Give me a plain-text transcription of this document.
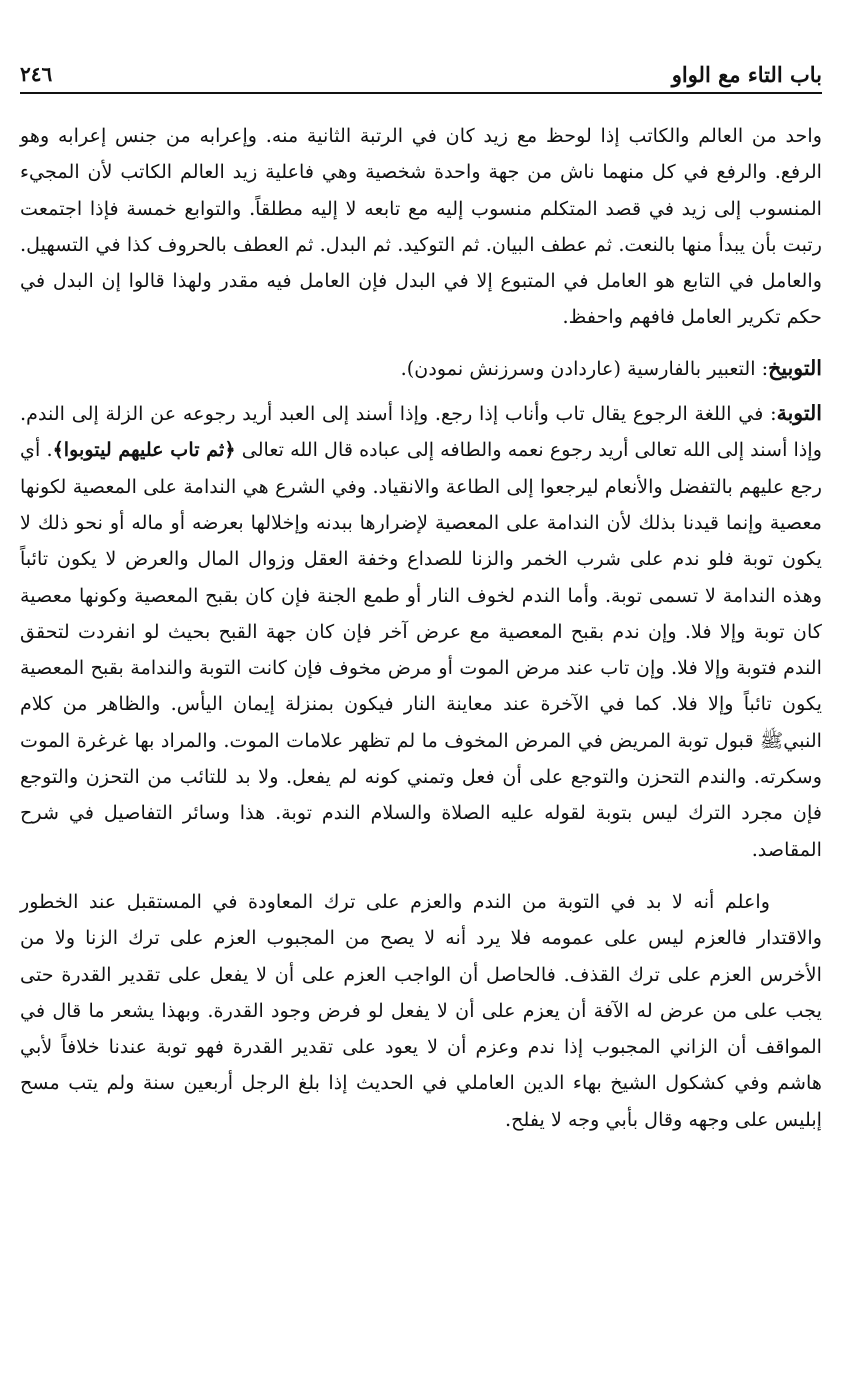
باب التاء مع الواو
٢٤٦

واحد من العالم والكاتب إذا لوحظ مع زيد كان في الرتبة الثانية منه. وإعرابه من جنس إعرابه وهو الرفع. والرفع في كل منهما ناش من جهة واحدة شخصية وهي فاعلية زيد العالم الكاتب لأن المجيء المنسوب إلى زيد في قصد المتكلم منسوب إليه مع تابعه لا إليه مطلقاً. والتوابع خمسة فإذا اجتمعت رتبت بأن يبدأ منها بالنعت. ثم عطف البيان. ثم التوكيد. ثم البدل. ثم العطف بالحروف كذا في التسهيل. والعامل في التابع هو العامل في المتبوع إلا في البدل فإن العامل فيه مقدر ولهذا قالوا إن البدل في حكم تكرير العامل فافهم واحفظ.

التوبيخ: التعبير بالفارسية (عاردادن وسرزنش نمودن).

التوبة: في اللغة الرجوع يقال تاب وأناب إذا رجع. وإذا أسند إلى العبد أريد رجوعه عن الزلة إلى الندم. وإذا أسند إلى الله تعالى أريد رجوع نعمه والطافه إلى عباده قال الله تعالى ﴿ثم تاب عليهم ليتوبوا﴾. أي رجع عليهم بالتفضل والأنعام ليرجعوا إلى الطاعة والانقياد. وفي الشرع هي الندامة على المعصية لكونها معصية وإنما قيدنا بذلك لأن الندامة على المعصية لإضرارها ببدنه وإخلالها بعرضه أو ماله أو نحو ذلك لا يكون توبة فلو ندم على شرب الخمر والزنا للصداع وخفة العقل وزوال المال والعرض لا يكون تائباً وهذه الندامة لا تسمى توبة. وأما الندم لخوف النار أو طمع الجنة فإن كان بقبح المعصية وكونها معصية كان توبة وإلا فلا. وإن ندم بقبح المعصية مع عرض آخر فإن كان جهة القبح بحيث لو انفردت لتحقق الندم فتوبة وإلا فلا. وإن تاب عند مرض الموت أو مرض مخوف فإن كانت التوبة والندامة بقبح المعصية يكون تائباً وإلا فلا. كما في الآخرة عند معاينة النار فيكون بمنزلة إيمان اليأس. والظاهر من كلام النبيﷺ قبول توبة المريض في المرض المخوف ما لم تظهر علامات الموت. والمراد بها غرغرة الموت وسكرته. والندم التحزن والتوجع على أن فعل وتمني كونه لم يفعل. ولا بد للتائب من التحزن والتوجع فإن مجرد الترك ليس بتوبة لقوله عليه الصلاة والسلام الندم توبة. هذا وسائر التفاصيل في شرح المقاصد.

واعلم أنه لا بد في التوبة من الندم والعزم على ترك المعاودة في المستقبل عند الخطور والاقتدار فالعزم ليس على عمومه فلا يرد أنه لا يصح من المجبوب العزم على ترك الزنا ولا من الأخرس العزم على ترك القذف. فالحاصل أن الواجب العزم على أن لا يفعل على تقدير القدرة حتى يجب على من عرض له الآفة أن يعزم على أن لا يفعل لو فرض وجود القدرة. وبهذا يشعر ما قال في المواقف أن الزاني المجبوب إذا ندم وعزم أن لا يعود على تقدير القدرة فهو توبة عندنا خلافاً لأبي هاشم وفي كشكول الشيخ بهاء الدين العاملي في الحديث إذا بلغ الرجل أربعين سنة ولم يتب مسح إبليس على وجهه وقال بأبي وجه لا يفلح.
